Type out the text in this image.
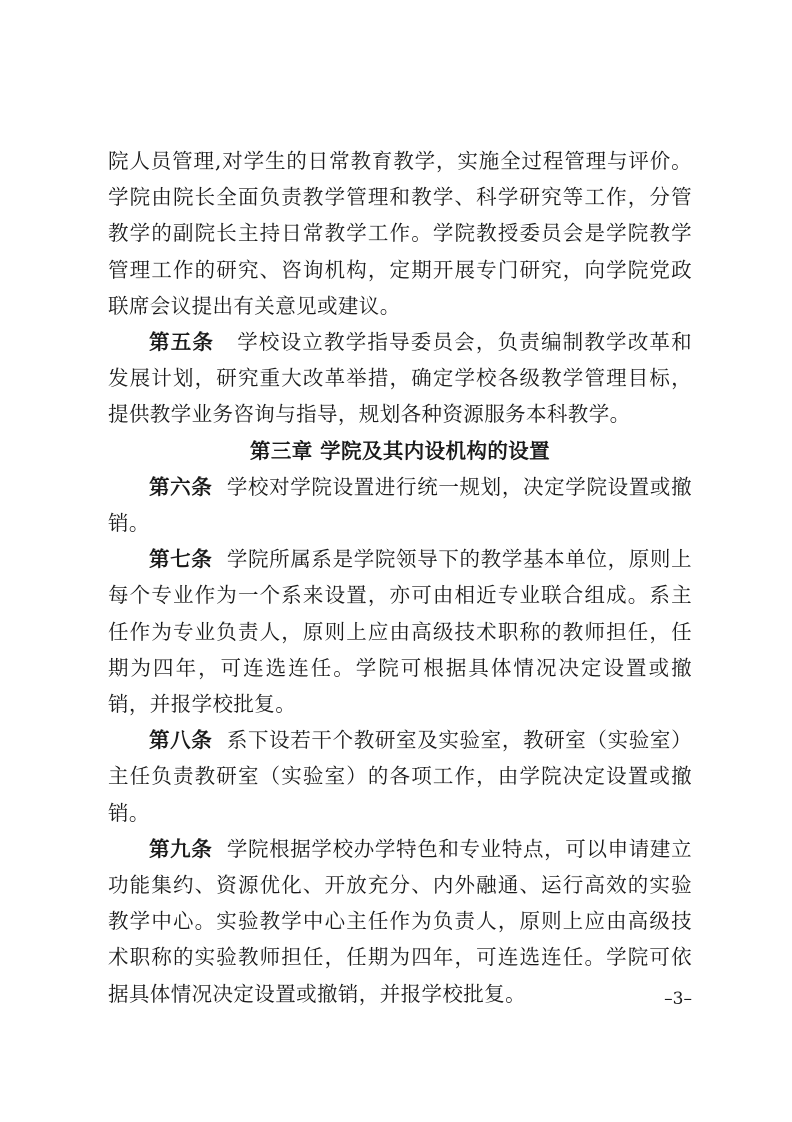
院人员管理,对学生的日常教育教学，实施全过程管理与评价。学院由院长全面负责教学管理和教学、科学研究等工作，分管教学的副院长主持日常教学工作。学院教授委员会是学院教学管理工作的研究、咨询机构，定期开展专门研究，向学院党政联席会议提出有关意见或建议。

第五条 学校设立教学指导委员会，负责编制教学改革和发展计划，研究重大改革举措，确定学校各级教学管理目标，提供教学业务咨询与指导，规划各种资源服务本科教学。

第三章 学院及其内设机构的设置

第六条 学校对学院设置进行统一规划，决定学院设置或撤销。

第七条 学院所属系是学院领导下的教学基本单位，原则上每个专业作为一个系来设置，亦可由相近专业联合组成。系主任作为专业负责人，原则上应由高级技术职称的教师担任，任期为四年，可连选连任。学院可根据具体情况决定设置或撤销，并报学校批复。

第八条 系下设若干个教研室及实验室，教研室（实验室）主任负责教研室（实验室）的各项工作，由学院决定设置或撤销。

第九条 学院根据学校办学特色和专业特点，可以申请建立功能集约、资源优化、开放充分、内外融通、运行高效的实验教学中心。实验教学中心主任作为负责人，原则上应由高级技术职称的实验教师担任，任期为四年，可连选连任。学院可依据具体情况决定设置或撤销，并报学校批复。	–3–
